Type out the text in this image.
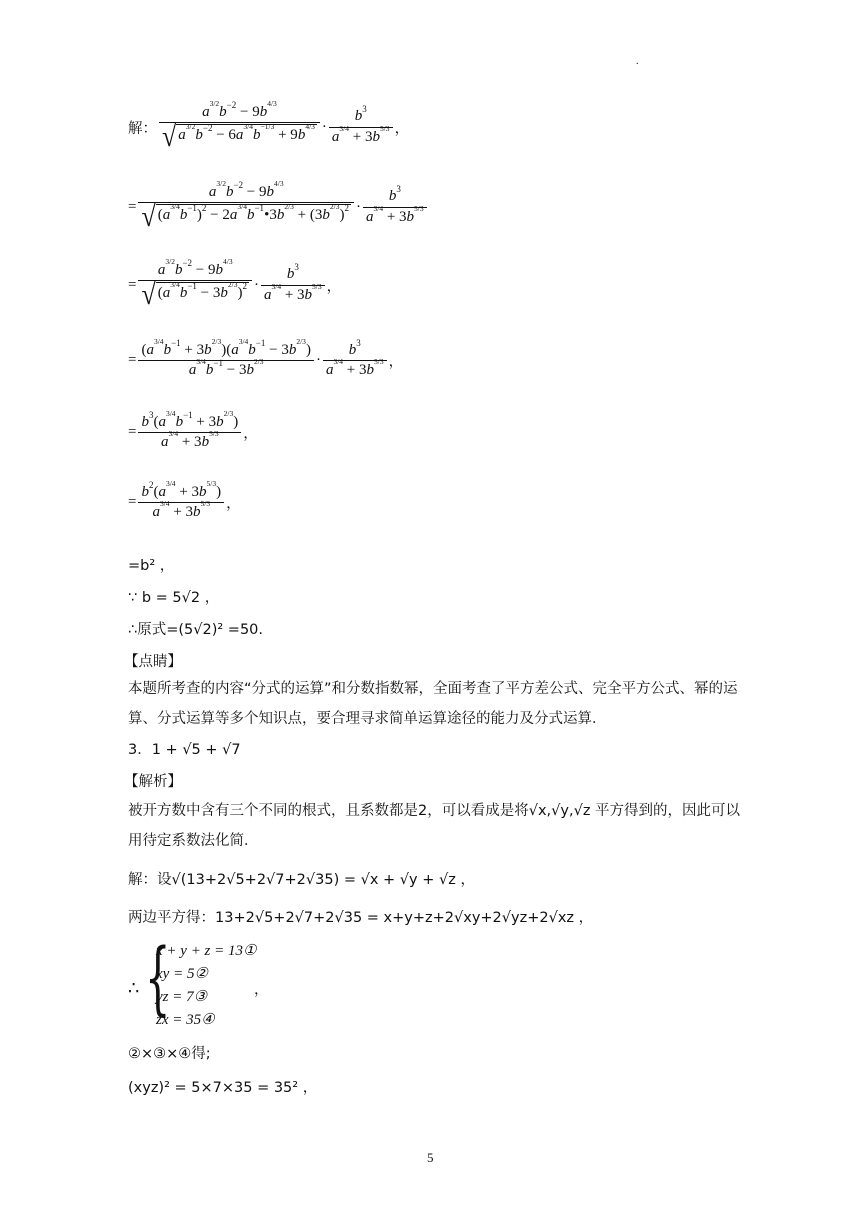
.
解： $\frac{a^{3/2}b^{-2} - 9b^{4/3}}{√ a^{3/2}b^{-2} - 6a^{3/4}b^{-1/3} + 9b^{4/3}} \cdot \frac{b^3}{a^{3/4} + 3b^{5/3}}$ ，
= $\frac{a^{3/2}b^{-2} - 9b^{4/3}}{√ (a^{3/4}b^{-1})^2 - 2a^{3/4}b^{-1}•3b^{2/3} + (3b^{2/3})^2} \cdot \frac{b^3}{a^{3/4} + 3b^{5/3}}$
= $\frac{a^{3/2}b^{-2} - 9b^{4/3}}{√ (a^{3/4}b^{-1} - 3b^{2/3})^2} \cdot \frac{b^3}{a^{3/4} + 3b^{5/3}}$ ，
= $\frac{(a^{3/4}b^{-1} + 3b^{2/3})(a^{3/4}b^{-1} - 3b^{2/3})}{a^{3/4}b^{-1} - 3b^{2/3}} \cdot \frac{b^3}{a^{3/4} + 3b^{5/3}}$ ，
= $\frac{b^3(a^{3/4}b^{-1} + 3b^{2/3})}{a^{3/4} + 3b^{5/3}}$ ，
= $\frac{b^2(a^{3/4} + 3b^{5/3})}{a^{3/4} + 3b^{5/3}}$ ，
=b² ，
∵ b = 5√2 ，
∴原式=(5√2)² =50.
【点睛】
本题所考查的内容“分式的运算”和分数指数幂，全面考查了平方差公式、完全平方公式、幂的运算、分式运算等多个知识点，要合理寻求简单运算途径的能力及分式运算．
3．1 + √5 + √7
【解析】
被开方数中含有三个不同的根式，且系数都是2，可以看成是将√x,√y,√z 平方得到的，因此可以用待定系数法化简．
解：设√(13+2√5+2√7+2√35) = √x + √y + √z ，
两边平方得：13+2√5+2√7+2√35 = x+y+z+2√xy+2√yz+2√xz ，
∴ {
x + y + z = 13①
xy = 5②
yz = 7③
zx = 35④
，
②×③×④得;
(xyz)² = 5×7×35 = 35² ，
5
